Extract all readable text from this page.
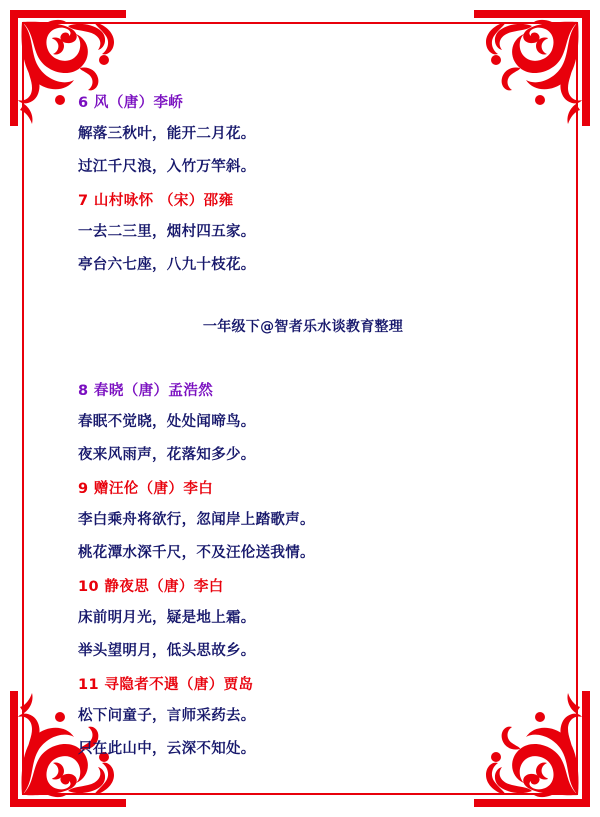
6 风（唐）李峤
解落三秋叶，能开二月花。
过江千尺浪，入竹万竿斜。
7 山村咏怀 （宋）邵雍
一去二三里，烟村四五家。
亭台六七座，八九十枝花。
一年级下@智者乐水谈教育整理
8 春晓（唐）孟浩然
春眠不觉晓，处处闻啼鸟。
夜来风雨声，花落知多少。
9 赠汪伦（唐）李白
李白乘舟将欲行，忽闻岸上踏歌声。
桃花潭水深千尺，不及汪伦送我情。
10 静夜思（唐）李白
床前明月光，疑是地上霜。
举头望明月，低头思故乡。
11 寻隐者不遇（唐）贾岛
松下问童子，言师采药去。
只在此山中，云深不知处。
